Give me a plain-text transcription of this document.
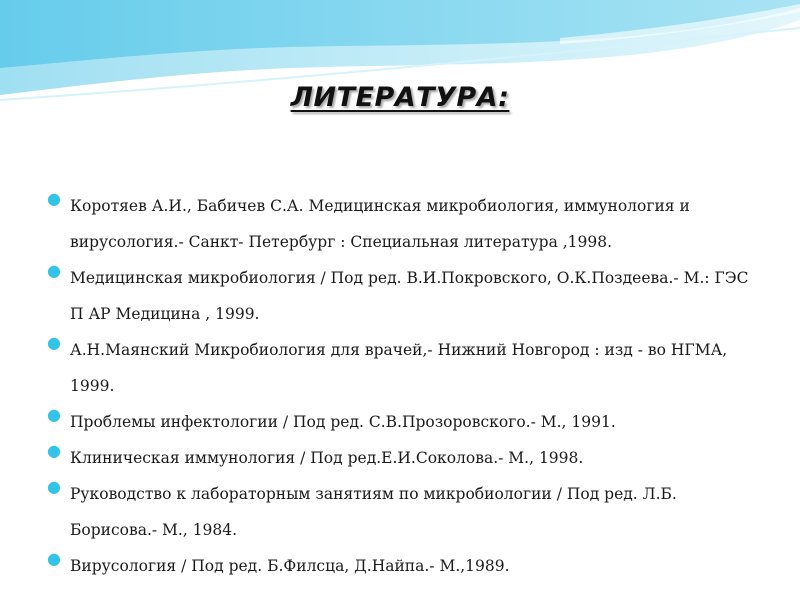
ЛИТЕРАТУРА:
● Коротяев А.И., Бабичев С.А. Медицинская микробиология, иммунология и вирусология.- Санкт- Петербург : Специальная литература ,1998.
● Медицинская микробиология / Под ред. В.И.Покровского, О.К.Поздеева.- М.: ГЭС П АР Медицина , 1999.
● А.Н.Маянский Микробиология для врачей,- Нижний Новгород : изд - во НГМА, 1999.
● Проблемы инфектологии / Под ред. С.В.Прозоровского.- М., 1991.
● Клиническая иммунология / Под ред.Е.И.Соколова.- М., 1998.
● Руководство к лабораторным занятиям по микробиологии / Под ред. Л.Б. Борисова.- М., 1984.
● Вирусология / Под ред. Б.Филсца, Д.Найпа.- М.,1989.
